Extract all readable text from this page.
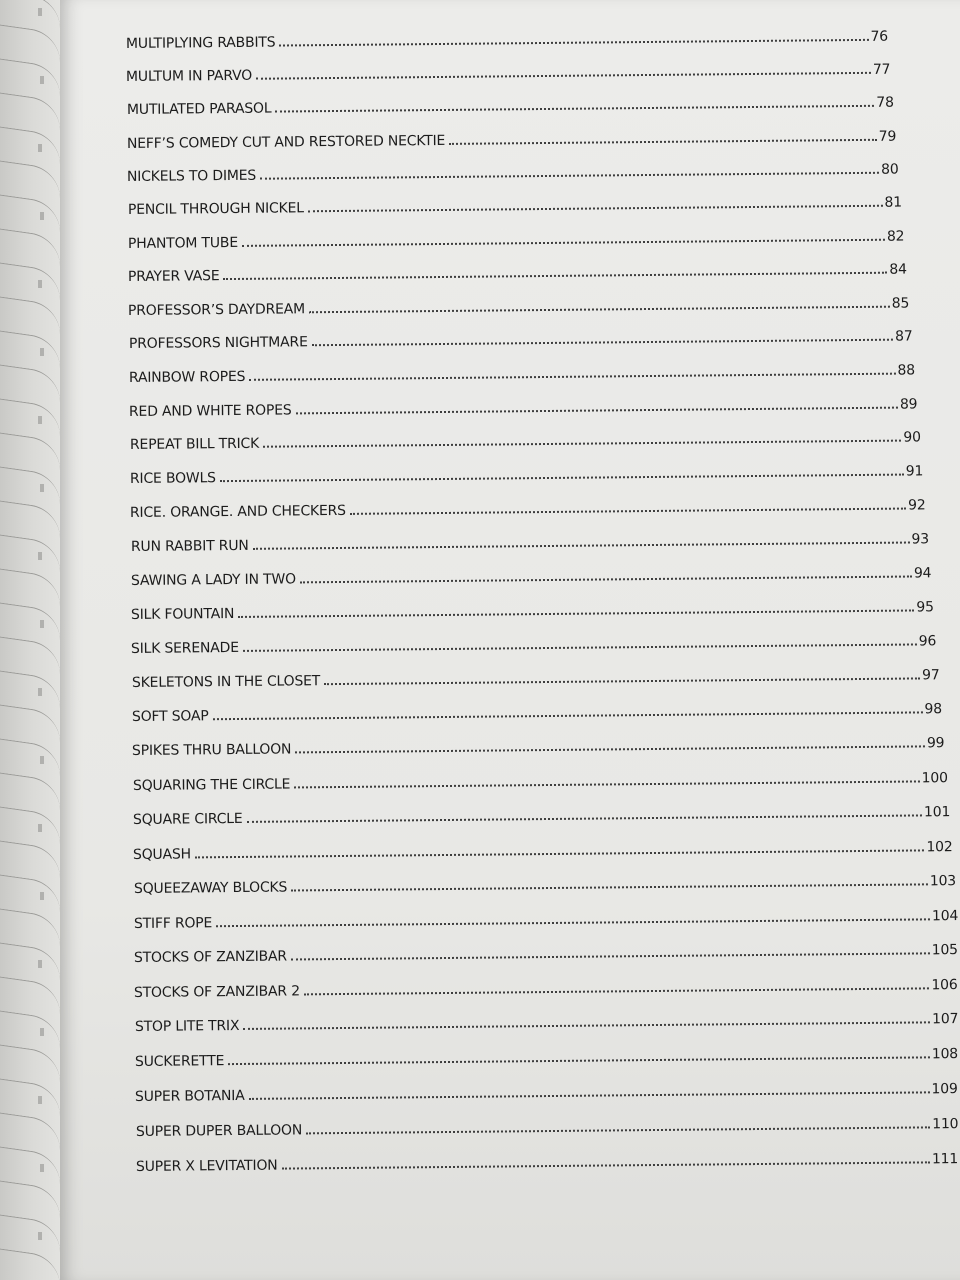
MULTIPLYING RABBITS	76
MULTUM IN PARVO	77
MUTILATED PARASOL	78
NEFF’S COMEDY CUT AND RESTORED NECKTIE	79
NICKELS TO DIMES	80
PENCIL THROUGH NICKEL	81
PHANTOM TUBE	82
PRAYER VASE	84
PROFESSOR’S DAYDREAM	85
PROFESSORS NIGHTMARE	87
RAINBOW ROPES	88
RED AND WHITE ROPES	89
REPEAT BILL TRICK	90
RICE BOWLS	91
RICE. ORANGE. AND CHECKERS	92
RUN RABBIT RUN	93
SAWING A LADY IN TWO	94
SILK FOUNTAIN	95
SILK SERENADE	96
SKELETONS IN THE CLOSET	97
SOFT SOAP	98
SPIKES THRU BALLOON	99
SQUARING THE CIRCLE	100
SQUARE CIRCLE	101
SQUASH	102
SQUEEZAWAY BLOCKS	103
STIFF ROPE	104
STOCKS OF ZANZIBAR	105
STOCKS OF ZANZIBAR 2	106
STOP LITE TRIX	107
SUCKERETTE	108
SUPER BOTANIA	109
SUPER DUPER BALLOON	110
SUPER X LEVITATION	111
